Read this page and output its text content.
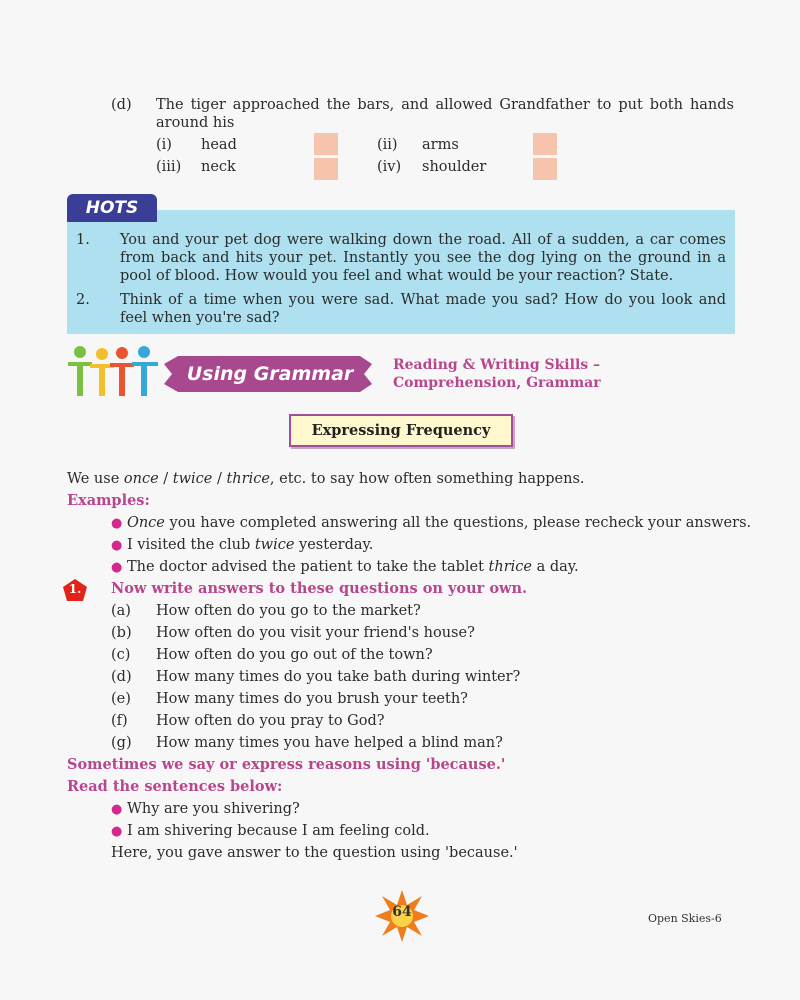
(d) The tiger approached the bars, and allowed Grandfather to put both hands around his
(i) head	(ii) arms
(iii) neck	(iv) shoulder
HOTS
1. You and your pet dog were walking down the road. All of a sudden, a car comes from back and hits your pet. Instantly you see the dog lying on the ground in a pool of blood. How would you feel and what would be your reaction? State.
2. Think of a time when you were sad. What made you sad? How do you look and feel when you're sad?
Using Grammar	Reading & Writing Skills –
Comprehension, Grammar
Expressing Frequency
We use once / twice / thrice, etc. to say how often something happens.
Examples:
● Once you have completed answering all the questions, please recheck your answers.
● I visited the club twice yesterday.
● The doctor advised the patient to take the tablet thrice a day.
1.	Now write answers to these questions on your own.
(a) How often do you go to the market?
(b) How often do you visit your friend's house?
(c) How often do you go out of the town?
(d) How many times do you take bath during winter?
(e) How many times do you brush your teeth?
(f) How often do you pray to God?
(g) How many times you have helped a blind man?
Sometimes we say or express reasons using 'because.'
Read the sentences below:
● Why are you shivering?
● I am shivering because I am feeling cold.
Here, you gave answer to the question using 'because.'
64	Open Skies-6
